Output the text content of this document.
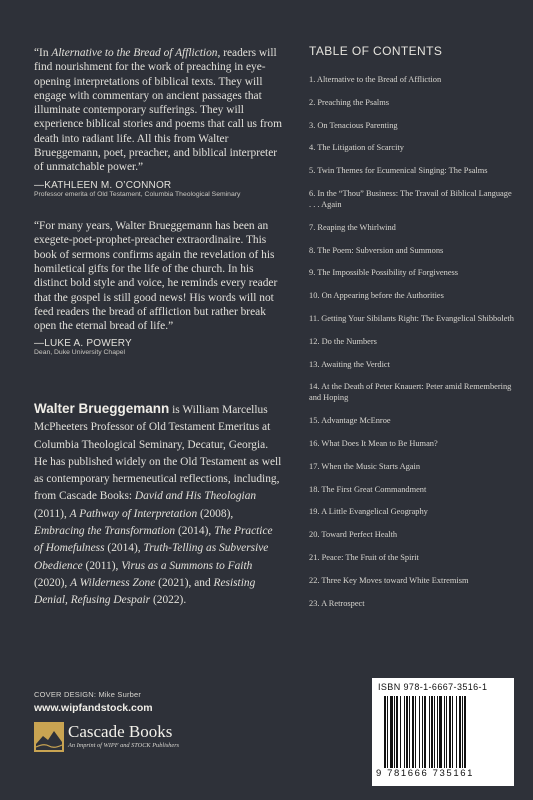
“In Alternative to the Bread of Affliction, readers will find nourishment for the work of preaching in eye-opening interpretations of biblical texts. They will engage with commentary on ancient passages that illuminate contemporary sufferings. They will experience biblical stories and poems that call us from death into radiant life. All this from Walter Brueggemann, poet, preacher, and biblical interpreter of unmatchable power.”

—KATHLEEN M. O’CONNOR
Professor emerita of Old Testament, Columbia Theological Seminary

“For many years, Walter Brueggemann has been an exegete-poet-prophet-preacher extraordinaire. This book of sermons confirms again the revelation of his homiletical gifts for the life of the church. In his distinct bold style and voice, he reminds every reader that the gospel is still good news! His words will not feed readers the bread of affliction but rather break open the eternal bread of life.”

—LUKE A. POWERY
Dean, Duke University Chapel
Walter Brueggemann is William Marcellus McPheeters Professor of Old Testament Emeritus at Columbia Theological Seminary, Decatur, Georgia. He has published widely on the Old Testament as well as contemporary hermeneutical reflections, including, from Cascade Books: David and His Theologian (2011), A Pathway of Interpretation (2008), Embracing the Transformation (2014), The Practice of Homefulness (2014), Truth-Telling as Subversive Obedience (2011), Virus as a Summons to Faith (2020), A Wilderness Zone (2021), and Resisting Denial, Refusing Despair (2022).
COVER DESIGN: Mike Surber
www.wipfandstock.com
Cascade Books
An Imprint of WIPF and STOCK Publishers
TABLE OF CONTENTS
1. Alternative to the Bread of Affliction
2. Preaching the Psalms
3. On Tenacious Parenting
4. The Litigation of Scarcity
5. Twin Themes for Ecumenical Singing: The Psalms
6. In the “Thou” Business: The Travail of Biblical Language . . . Again
7. Reaping the Whirlwind
8. The Poem: Subversion and Summons
9. The Impossible Possibility of Forgiveness
10. On Appearing before the Authorities
11. Getting Your Sibilants Right: The Evangelical Shibboleth
12. Do the Numbers
13. Awaiting the Verdict
14. At the Death of Peter Knauert: Peter amid Remembering and Hoping
15. Advantage McEnroe
16. What Does It Mean to Be Human?
17. When the Music Starts Again
18. The First Great Commandment
19. A Little Evangelical Geography
20. Toward Perfect Health
21. Peace: The Fruit of the Spirit
22. Three Key Moves toward White Extremism
23. A Retrospect
ISBN 978-1-6667-3516-1
9 781666 735161
